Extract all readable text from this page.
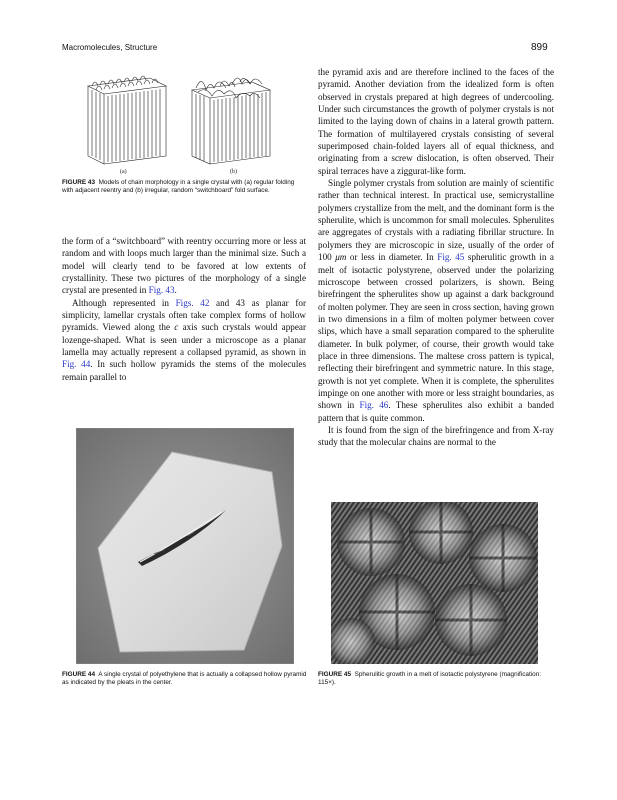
Macromolecules, Structure	899
(a)	(b)
FIGURE 43 Models of chain morphology in a single crystal with (a) regular folding with adjacent reentry and (b) irregular, random “switchboard” fold surface.

the form of a “switchboard” with reentry occurring more or less at random and with loops much larger than the minimal size. Such a model will clearly tend to be favored at low extents of crystallinity. These two pictures of the morphology of a single crystal are presented in Fig. 43.

Although represented in Figs. 42 and 43 as planar for simplicity, lamellar crystals often take complex forms of hollow pyramids. Viewed along the c axis such crystals would appear lozenge-shaped. What is seen under a microscope as a planar lamella may actually represent a collapsed pyramid, as shown in Fig. 44. In such hollow pyramids the stems of the molecules remain parallel to

FIGURE 44 A single crystal of polyethylene that is actually a collapsed hollow pyramid as indicated by the pleats in the center.

the pyramid axis and are therefore inclined to the faces of the pyramid. Another deviation from the idealized form is often observed in crystals prepared at high degrees of undercooling. Under such circumstances the growth of polymer crystals is not limited to the laying down of chains in a lateral growth pattern. The formation of multilayered crystals consisting of several superimposed chain-folded layers all of equal thickness, and originating from a screw dislocation, is often observed. Their spiral terraces have a ziggurat-like form.

Single polymer crystals from solution are mainly of scientific rather than technical interest. In practical use, semicrystalline polymers crystallize from the melt, and the dominant form is the spherulite, which is uncommon for small molecules. Spherulites are aggregates of crystals with a radiating fibrillar structure. In polymers they are microscopic in size, usually of the order of 100 μm or less in diameter. In Fig. 45 spherulitic growth in a melt of isotactic polystyrene, observed under the polarizing microscope between crossed polarizers, is shown. Being birefringent the spherulites show up against a dark background of molten polymer. They are seen in cross section, having grown in two dimensions in a film of molten polymer between cover slips, which have a small separation compared to the spherulite diameter. In bulk polymer, of course, their growth would take place in three dimensions. The maltese cross pattern is typical, reflecting their birefringent and symmetric nature. In this stage, growth is not yet complete. When it is complete, the spherulites impinge on one another with more or less straight boundaries, as shown in Fig. 46. These spherulites also exhibit a banded pattern that is quite common.

It is found from the sign of the birefringence and from X-ray study that the molecular chains are normal to the

FIGURE 45 Spherulitic growth in a melt of isotactic polystyrene (magnification: 115×).
